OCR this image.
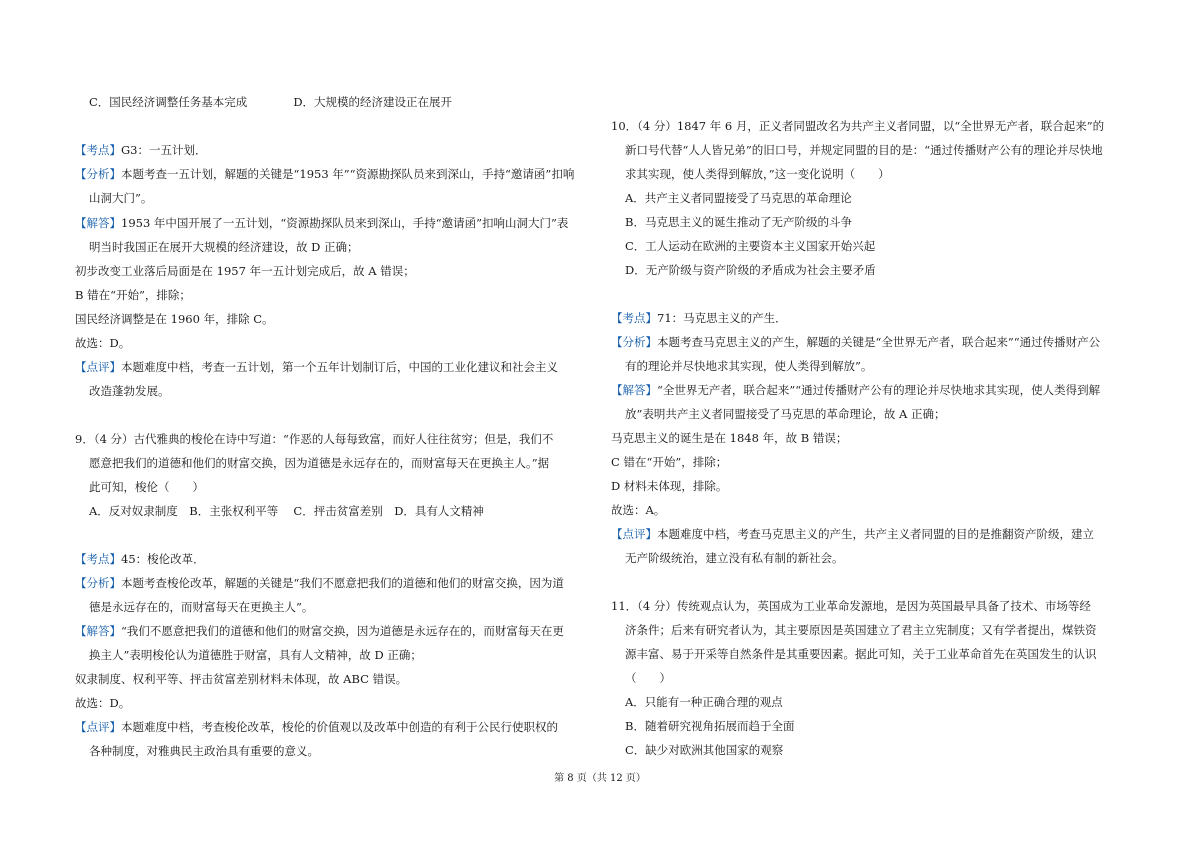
C．国民经济调整任务基本完成	D．大规模的经济建设正在展开
【考点】G3：一五计划．
【分析】本题考查一五计划，解题的关键是“1953 年”“资源勘探队员来到深山，手持“邀请函”扣响
山洞大门”。
【解答】1953 年中国开展了一五计划，“资源勘探队员来到深山，手持“邀请函”扣响山洞大门”表
明当时我国正在展开大规模的经济建设，故 D 正确；
初步改变工业落后局面是在 1957 年一五计划完成后，故 A 错误；
B 错在“开始”，排除；
国民经济调整是在 1960 年，排除 C。
故选：D。
【点评】本题难度中档，考查一五计划，第一个五年计划制订后，中国的工业化建议和社会主义
改造蓬勃发展。
9．（4 分）古代雅典的梭伦在诗中写道：“作恶的人每每致富，而好人往往贫穷；但是，我们不
愿意把我们的道德和他们的财富交换，因为道德是永远存在的，而财富每天在更换主人。”据
此可知，梭伦（　　）
A．反对奴隶制度　B．主张权利平等　 C．抨击贫富差别　D．具有人文精神
【考点】45：梭伦改革．
【分析】本题考查梭伦改革，解题的关键是“我们不愿意把我们的道德和他们的财富交换，因为道
德是永远存在的，而财富每天在更换主人”。
【解答】“我们不愿意把我们的道德和他们的财富交换，因为道德是永远存在的，而财富每天在更
换主人”表明梭伦认为道德胜于财富，具有人文精神，故 D 正确；
奴隶制度、权利平等、抨击贫富差别材料未体现，故 ABC 错误。
故选：D。
【点评】本题难度中档，考查梭伦改革，梭伦的价值观以及改革中创造的有利于公民行使职权的
各种制度，对雅典民主政治具有重要的意义。
10．（4 分）1847 年 6 月，正义者同盟改名为共产主义者同盟，以“全世界无产者，联合起来”的
新口号代替“人人皆兄弟”的旧口号，并规定同盟的目的是：“通过传播财产公有的理论并尽快地
求其实现，使人类得到解放，”这一变化说明（　　）
A．共产主义者同盟接受了马克思的革命理论
B．马克思主义的诞生推动了无产阶级的斗争
C．工人运动在欧洲的主要资本主义国家开始兴起
D．无产阶级与资产阶级的矛盾成为社会主要矛盾
【考点】71：马克思主义的产生．
【分析】本题考查马克思主义的产生，解题的关键是“全世界无产者，联合起来”“通过传播财产公
有的理论并尽快地求其实现，使人类得到解放”。
【解答】“全世界无产者，联合起来”“通过传播财产公有的理论并尽快地求其实现，使人类得到解
放”表明共产主义者同盟接受了马克思的革命理论，故 A 正确；
马克思主义的诞生是在 1848 年，故 B 错误；
C 错在“开始”，排除；
D 材料未体现，排除。
故选：A。
【点评】本题难度中档，考查马克思主义的产生，共产主义者同盟的目的是推翻资产阶级，建立
无产阶级统治，建立没有私有制的新社会。
11．（4 分）传统观点认为，英国成为工业革命发源地，是因为英国最早具备了技术、市场等经
济条件；后来有研究者认为，其主要原因是英国建立了君主立宪制度；又有学者提出，煤铁资
源丰富、易于开采等自然条件是其重要因素。据此可知，关于工业革命首先在英国发生的认识
（　　）
A．只能有一种正确合理的观点
B．随着研究视角拓展而趋于全面
C．缺少对欧洲其他国家的观察
第 8 页（共 12 页）
